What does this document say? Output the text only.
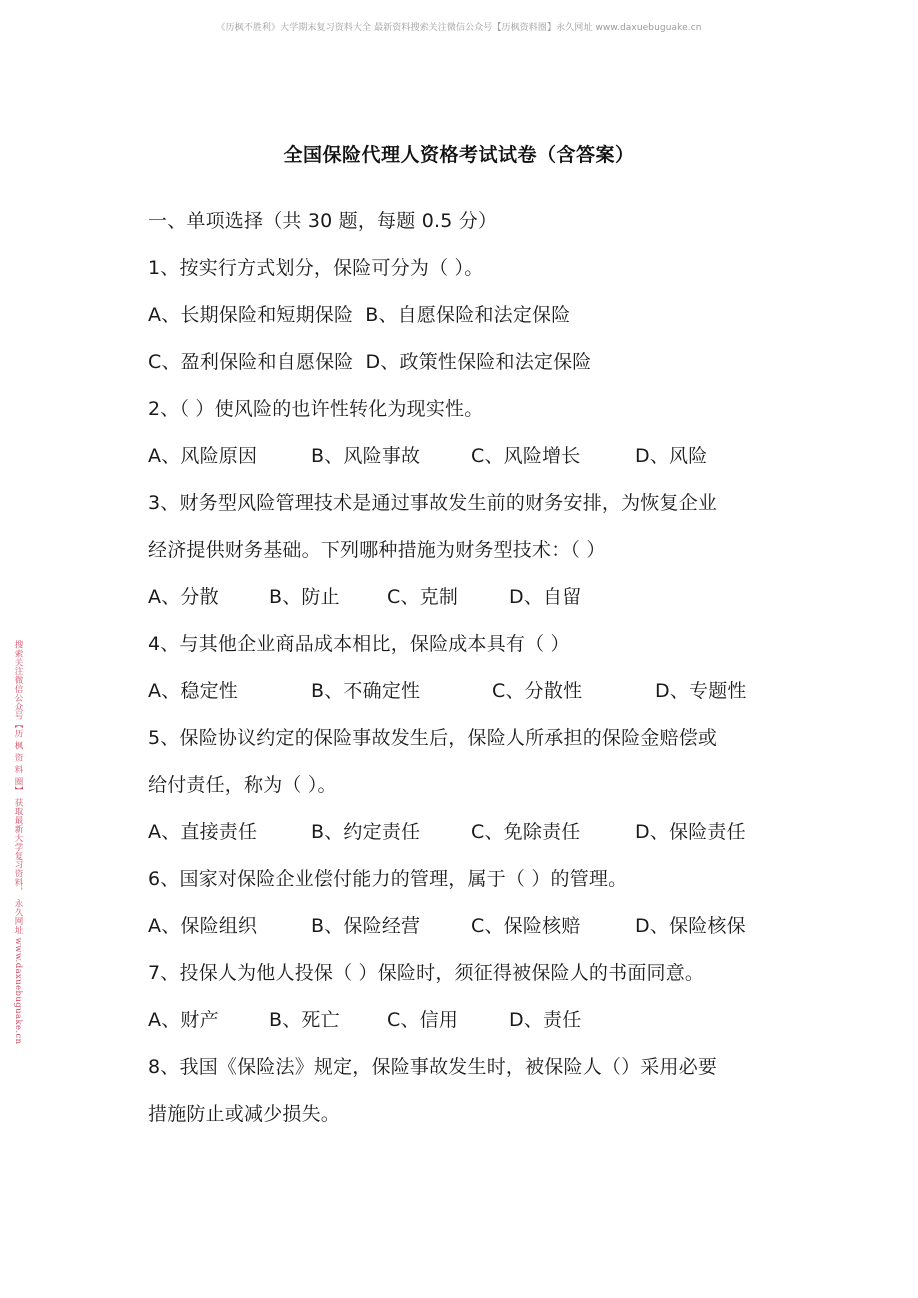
《历枫不胜利》大学期末复习资料大全 最新资料搜索关注微信公众号【历枫资料圈】永久网址 www.daxuebuguake.cn
搜索关注微信公众号【历 枫 资 料 圈】 获取最新大学复习资料， 永久网址 www.daxuebuguake.cn
全国保险代理人资格考试试卷（含答案）
一、单项选择（共 30 题，每题 0.5 分）
1、按实行方式划分，保险可分为（ ）。
A、长期保险和短期保险 B、自愿保险和法定保险
C、盈利保险和自愿保险 D、政策性保险和法定保险
2、（ ）使风险的也许性转化为现实性。
A、风险原因	B、风险事故	C、风险增长	D、风险
3、财务型风险管理技术是通过事故发生前的财务安排，为恢复企业
经济提供财务基础。下列哪种措施为财务型技术：（ ）
A、分散	B、防止 C、克制	D、自留
4、与其他企业商品成本相比，保险成本具有（ ）
A、稳定性	B、不确定性	C、分散性	D、专题性
5、保险协议约定的保险事故发生后，保险人所承担的保险金赔偿或
给付责任，称为（ ）。
A、直接责任	B、约定责任	C、免除责任	D、保险责任
6、国家对保险企业偿付能力的管理，属于（ ）的管理。
A、保险组织	B、保险经营	C、保险核赔	D、保险核保
7、投保人为他人投保（ ）保险时，须征得被保险人的书面同意。
A、财产	B、死亡 C、信用	D、责任
8、我国《保险法》规定，保险事故发生时，被保险人（）采用必要
措施防止或减少损失。
